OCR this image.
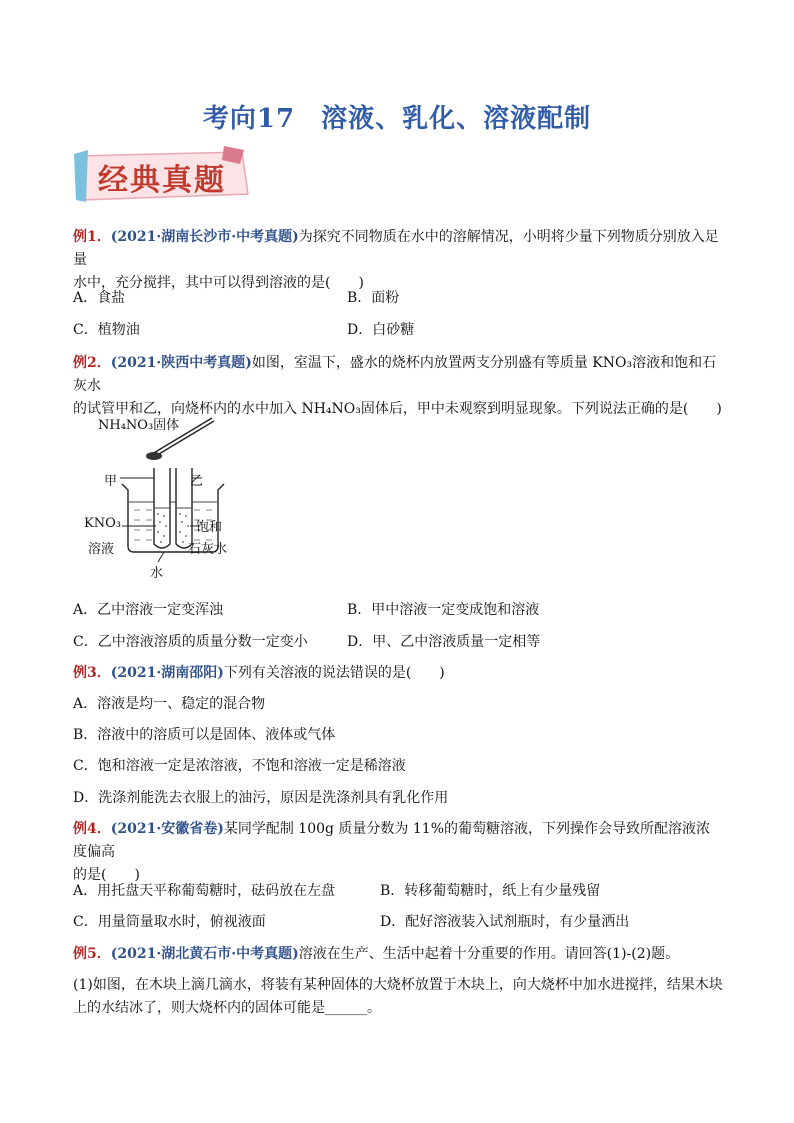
考向17 溶液、乳化、溶液配制
经典真题
例1．(2021·湖南长沙市·中考真题)为探究不同物质在水中的溶解情况，小明将少量下列物质分别放入足量
水中，充分搅拌，其中可以得到溶液的是(　　)
A．食盐	B．面粉
C．植物油	D．白砂糖
例2．(2021·陕西中考真题)如图，室温下，盛水的烧杯内放置两支分别盛有等质量 KNO₃溶液和饱和石灰水
的试管甲和乙，向烧杯内的水中加入 NH₄NO₃固体后，甲中未观察到明显现象。下列说法正确的是(　　)
NH₄NO₃固体
甲	乙
KNO₃
溶液
饱和
石灰水
水
A．乙中溶液一定变浑浊	B．甲中溶液一定变成饱和溶液
C．乙中溶液溶质的质量分数一定变小	D．甲、乙中溶液质量一定相等
例3．(2021·湖南邵阳)下列有关溶液的说法错误的是(　　)
A．溶液是均一、稳定的混合物
B．溶液中的溶质可以是固体、液体或气体
C．饱和溶液一定是浓溶液，不饱和溶液一定是稀溶液
D．洗涤剂能洗去衣服上的油污，原因是洗涤剂具有乳化作用
例4．(2021·安徽省卷)某同学配制 100g 质量分数为 11%的葡萄糖溶液，下列操作会导致所配溶液浓度偏高
的是(　　)
A．用托盘天平称葡萄糖时，砝码放在左盘	B．转移葡萄糖时，纸上有少量残留
C．用量筒量取水时，俯视液面	D．配好溶液装入试剂瓶时，有少量洒出
例5．(2021·湖北黄石市·中考真题)溶液在生产、生活中起着十分重要的作用。请回答(1)-(2)题。
(1)如图，在木块上滴几滴水，将装有某种固体的大烧杯放置于木块上，向大烧杯中加水进搅拌，结果木块
上的水结冰了，则大烧杯内的固体可能是______。
